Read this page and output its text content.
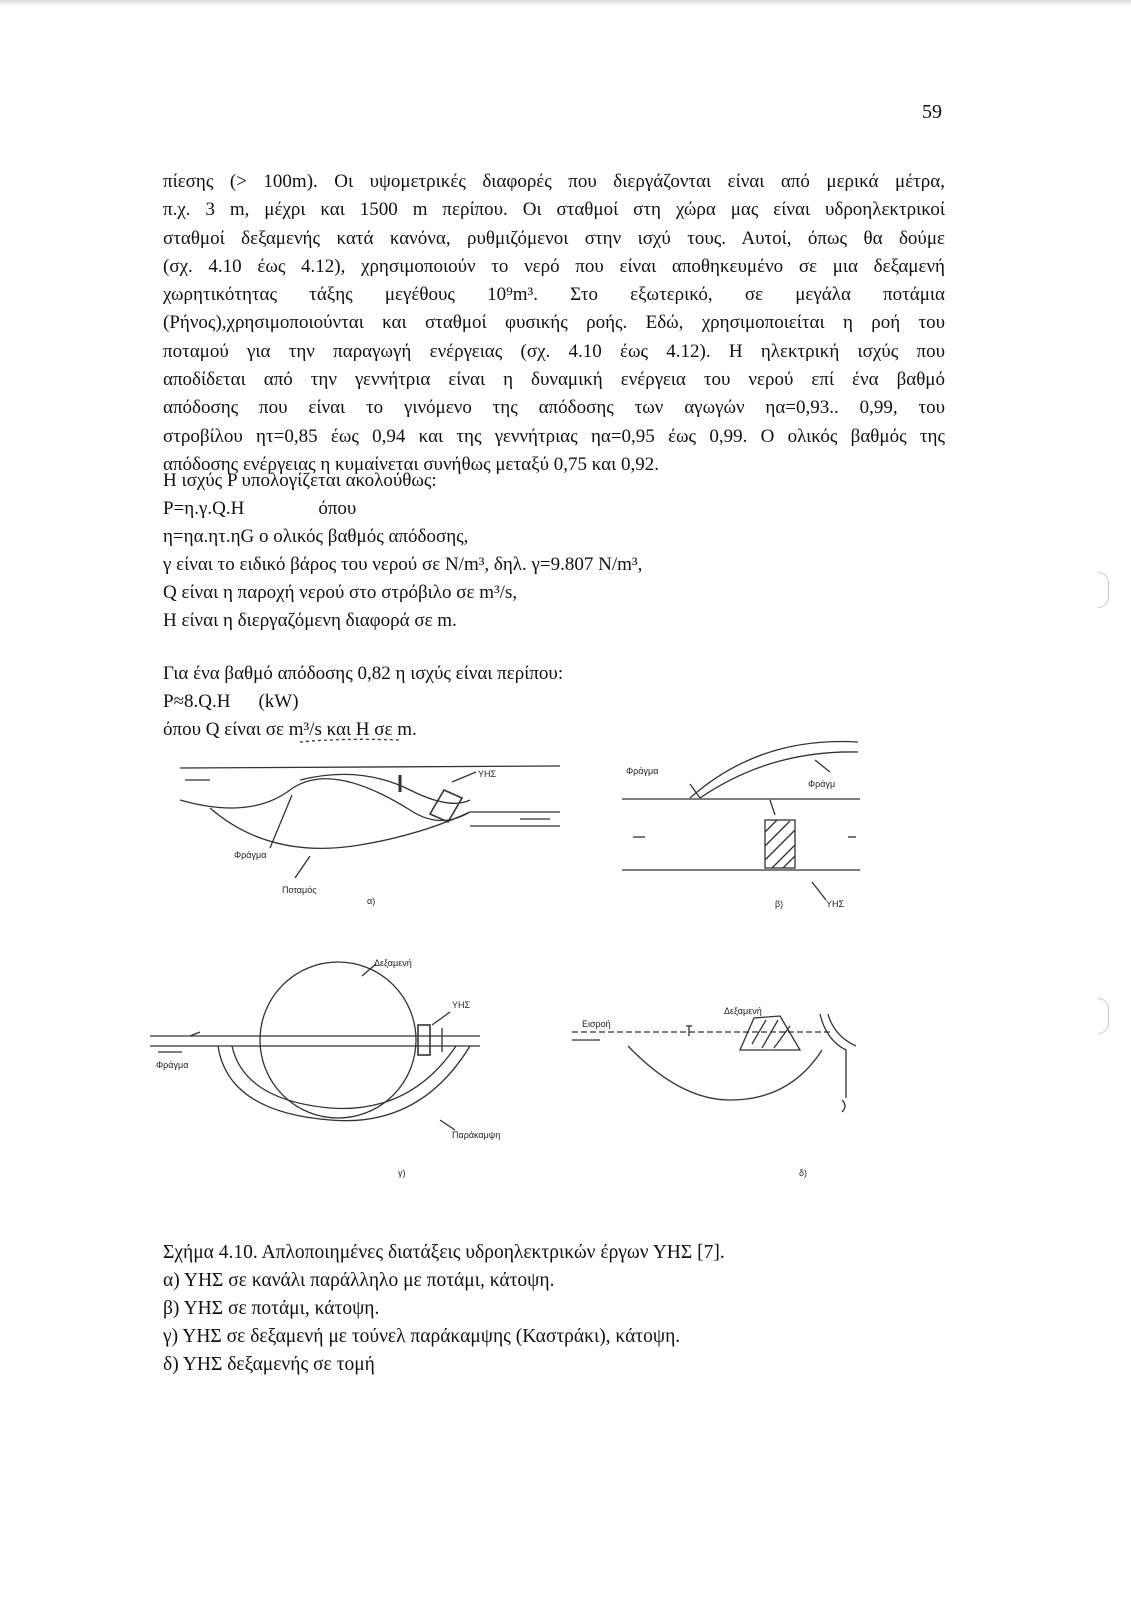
59
πίεσης (> 100m). Οι υψομετρικές διαφορές που διεργάζονται είναι από μερικά μέτρα,
π.χ. 3 m, μέχρι και 1500 m περίπου. Οι σταθμοί στη χώρα μας είναι υδροηλεκτρικοί
σταθμοί δεξαμενής κατά κανόνα, ρυθμιζόμενοι στην ισχύ τους. Αυτοί, όπως θα δούμε
(σχ. 4.10 έως 4.12), χρησιμοποιούν το νερό που είναι αποθηκευμένο σε μια δεξαμενή
χωρητικότητας τάξης μεγέθους 10⁹m³. Στο εξωτερικό, σε μεγάλα ποτάμια
(Ρήνος),χρησιμοποιούνται και σταθμοί φυσικής ροής. Εδώ, χρησιμοποιείται η ροή του
ποταμού για την παραγωγή ενέργειας (σχ. 4.10 έως 4.12). Η ηλεκτρική ισχύς που
αποδίδεται από την γεννήτρια είναι η δυναμική ενέργεια του νερού επί ένα βαθμό
απόδοσης που είναι το γινόμενο της απόδοσης των αγωγών ηα=0,93.. 0,99, του
στροβίλου ητ=0,85 έως 0,94 και της γεννήτριας ηα=0,95 έως 0,99. Ο ολικός βαθμός της
απόδοσης ενέργειας η κυμαίνεται συνήθως μεταξύ 0,75 και 0,92.
Η ισχύς P υπολογίζεται ακολούθως:
P=η.γ.Q.H	όπου
η=ηα.ητ.ηG ο ολικός βαθμός απόδοσης,
γ είναι το ειδικό βάρος του νερού σε N/m³, δηλ. γ=9.807 N/m³,
Q είναι η παροχή νερού στο στρόβιλο σε m³/s,
Η είναι η διεργαζόμενη διαφορά σε m.
Για ένα βαθμό απόδοσης 0,82 η ισχύς είναι περίπου:
P≈8.Q.H (kW)
όπου Q είναι σε m³/s και Η σε m.
ΥΗΣ
Φράγμα
Ποταμός
α)
Φράγμα
Φράγμ
β)	ΥΗΣ
Δεξαμενή
ΥΗΣ
Φράγμα
Παράκαμψη
γ)
Εισροή
Δεξαμενή
δ)
Σχήμα 4.10. Απλοποιημένες διατάξεις υδροηλεκτρικών έργων ΥΗΣ [7].
α) ΥΗΣ σε κανάλι παράλληλο με ποτάμι, κάτοψη.
β) ΥΗΣ σε ποτάμι, κάτοψη.
γ) ΥΗΣ σε δεξαμενή με τούνελ παράκαμψης (Καστράκι), κάτοψη.
δ) ΥΗΣ δεξαμενής σε τομή
